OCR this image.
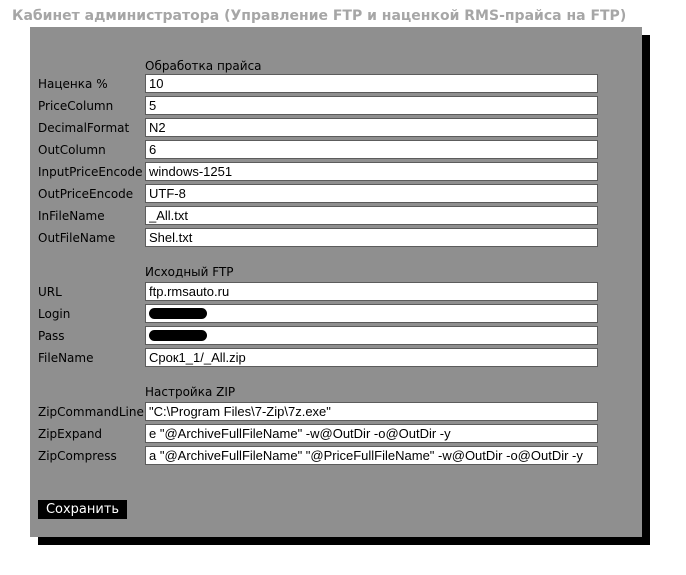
Кабинет администратора (Управление FTP и наценкой RMS-прайса на FTP)
Обработка прайса
Наценка %
10
PriceColumn
5
DecimalFormat
N2
OutColumn
6
InputPriceEncode
windows-1251
OutPriceEncode
UTF-8
InFileName
_All.txt
OutFileName
Shel.txt
Исходный FTP
URL
ftp.rmsauto.ru
Login
Pass
FileName
Срок1_1/_All.zip
Настройка ZIP
ZipCommandLine
"C:\Program Files\7-Zip\7z.exe"
ZipExpand
e "@ArchiveFullFileName" -w@OutDir -o@OutDir -y
ZipCompress
a "@ArchiveFullFileName" "@PriceFullFileName" -w@OutDir -o@OutDir -y
Сохранить
